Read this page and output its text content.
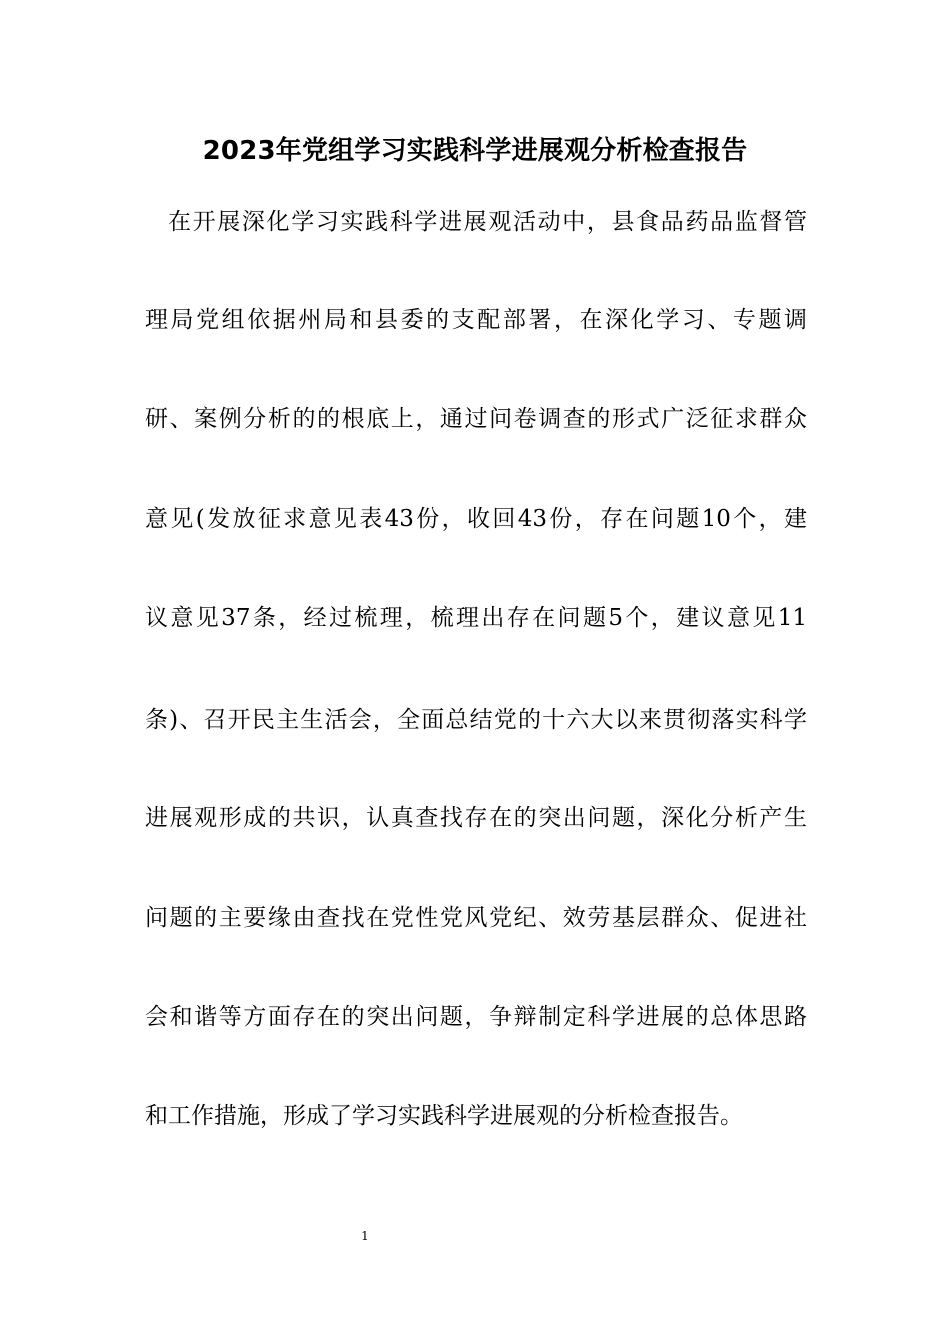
2023年党组学习实践科学进展观分析检查报告

在开展深化学习实践科学进展观活动中，县食品药品监督管

理局党组依据州局和县委的支配部署，在深化学习、专题调

研、案例分析的的根底上，通过问卷调查的形式广泛征求群众

意见(发放征求意见表43份，收回43份，存在问题10个，建

议意见37条，经过梳理，梳理出存在问题5个，建议意见11

条)、召开民主生活会，全面总结党的十六大以来贯彻落实科学

进展观形成的共识，认真查找存在的突出问题，深化分析产生

问题的主要缘由查找在党性党风党纪、效劳基层群众、促进社

会和谐等方面存在的突出问题，争辩制定科学进展的总体思路

和工作措施，形成了学习实践科学进展观的分析检查报告。

1
